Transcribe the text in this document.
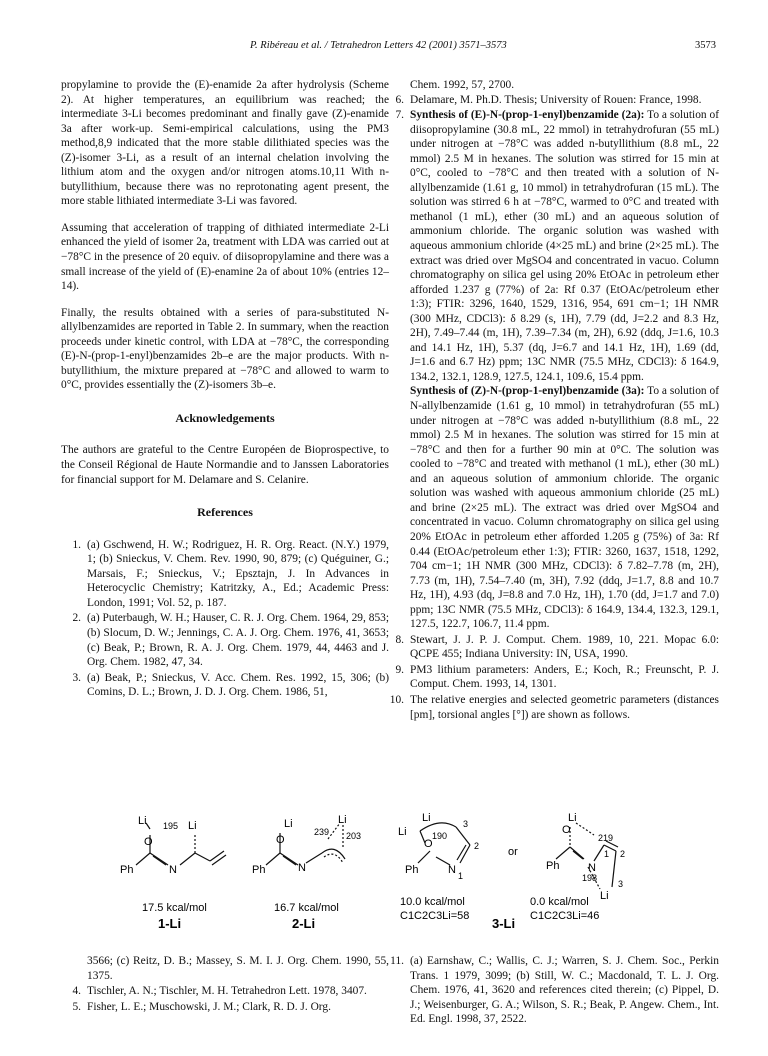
P. Ribéreau et al. / Tetrahedron Letters 42 (2001) 3571–3573	3573

propylamine to provide the (E)-enamide 2a after hydrolysis (Scheme 2). At higher temperatures, an equilibrium was reached; the intermediate 3-Li becomes predominant and finally gave (Z)-enamide 3a after work-up. Semi-empirical calculations, using the PM3 method,8,9 indicated that the more stable dilithiated species was the (Z)-isomer 3-Li, as a result of an internal chelation involving the lithium atom and the oxygen and/or nitrogen atoms.10,11 With n-butyllithium, because there was no reprotonating agent present, the more stable lithiated intermediate 3-Li was favored.

Assuming that acceleration of trapping of dithiated intermediate 2-Li enhanced the yield of isomer 2a, treatment with LDA was carried out at −78°C in the presence of 20 equiv. of diisopropylamine and there was a small increase of the yield of (E)-enamine 2a of about 10% (entries 12–14).

Finally, the results obtained with a series of para-substituted N-allylbenzamides are reported in Table 2. In summary, when the reaction proceeds under kinetic control, with LDA at −78°C, the corresponding (E)-N-(prop-1-enyl)benzamides 2b–e are the major products. With n-butyllithium, the mixture prepared at −78°C and allowed to warm to 0°C, provides essentially the (Z)-isomers 3b–e.

Acknowledgements

The authors are grateful to the Centre Européen de Bioprospective, to the Conseil Régional de Haute Normandie and to Janssen Laboratories for financial support for M. Delamare and S. Celanire.

References
1. (a) Gschwend, H. W.; Rodriguez, H. R. Org. React. (N.Y.) 1979, 1; (b) Snieckus, V. Chem. Rev. 1990, 90, 879; (c) Quéguiner, G.; Marsais, F.; Snieckus, V.; Epsztajn, J. In Advances in Heterocyclic Chemistry; Katritzky, A., Ed.; Academic Press: London, 1991; Vol. 52, p. 187.
2. (a) Puterbaugh, W. H.; Hauser, C. R. J. Org. Chem. 1964, 29, 853; (b) Slocum, D. W.; Jennings, C. A. J. Org. Chem. 1976, 41, 3653; (c) Beak, P.; Brown, R. A. J. Org. Chem. 1979, 44, 4463 and J. Org. Chem. 1982, 47, 34.
3. (a) Beak, P.; Snieckus, V. Acc. Chem. Res. 1992, 15, 306; (b) Comins, D. L.; Brown, J. D. J. Org. Chem. 1986, 51,
Chem. 1992, 57, 2700.
6. Delamare, M. Ph.D. Thesis; University of Rouen: France, 1998.
7. Synthesis of (E)-N-(prop-1-enyl)benzamide (2a): To a solution of diisopropylamine (30.8 mL, 22 mmol) in tetrahydrofuran (55 mL) under nitrogen at −78°C was added n-butyllithium (8.8 mL, 22 mmol) 2.5 M in hexanes. The solution was stirred for 15 min at 0°C, cooled to −78°C and then treated with a solution of N-allylbenzamide (1.61 g, 10 mmol) in tetrahydrofuran (15 mL). The solution was stirred 6 h at −78°C, warmed to 0°C and treated with methanol (1 mL), ether (30 mL) and an aqueous solution of ammonium chloride. The organic solution was washed with aqueous ammonium chloride (4×25 mL) and brine (2×25 mL). The extract was dried over MgSO4 and concentrated in vacuo. Column chromatography on silica gel using 20% EtOAc in petroleum ether afforded 1.237 g (77%) of 2a: Rf 0.37 (EtOAc/petroleum ether 1:3); FTIR: 3296, 1640, 1529, 1316, 954, 691 cm−1; 1H NMR (300 MHz, CDCl3): δ 8.29 (s, 1H), 7.79 (dd, J=2.2 and 8.3 Hz, 2H), 7.49–7.44 (m, 1H), 7.39–7.34 (m, 2H), 6.92 (ddq, J=1.6, 10.3 and 14.1 Hz, 1H), 5.37 (dq, J=6.7 and 14.1 Hz, 1H), 1.69 (dd, J=1.6 and 6.7 Hz) ppm; 13C NMR (75.5 MHz, CDCl3): δ 164.9, 134.2, 132.1, 128.9, 127.5, 124.1, 109.6, 15.4 ppm.
Synthesis of (Z)-N-(prop-1-enyl)benzamide (3a): To a solution of N-allylbenzamide (1.61 g, 10 mmol) in tetrahydrofuran (55 mL) under nitrogen at −78°C was added n-butyllithium (8.8 mL, 22 mmol) 2.5 M in hexanes. The solution was stirred for 15 min at −78°C and then for a further 90 min at 0°C. The solution was cooled to −78°C and treated with methanol (1 mL), ether (30 mL) and an aqueous solution of ammonium chloride. The organic solution was washed with aqueous ammonium chloride (25 mL) and brine (2×25 mL). The extract was dried over MgSO4 and concentrated in vacuo. Column chromatography on silica gel using 20% EtOAc in petroleum ether afforded 1.205 g (75%) of 3a: Rf 0.44 (EtOAc/petroleum ether 1:3); FTIR: 3260, 1637, 1518, 1292, 704 cm−1; 1H NMR (300 MHz, CDCl3): δ 7.82–7.78 (m, 2H), 7.73 (m, 1H), 7.54–7.40 (m, 3H), 7.92 (ddq, J=1.7, 8.8 and 10.7 Hz, 1H), 4.93 (dq, J=8.8 and 7.0 Hz, 1H), 1.70 (dd, J=1.7 and 7.0) ppm; 13C NMR (75.5 MHz, CDCl3): δ 164.9, 134.4, 132.3, 129.1, 127.5, 122.7, 106.7, 11.4 ppm.
8. Stewart, J. J. P. J. Comput. Chem. 1989, 10, 221. Mopac 6.0: QCPE 455; Indiana University: IN, USA, 1990.
9. PM3 lithium parameters: Anders, E.; Koch, R.; Freunscht, P. J. Comput. Chem. 1993, 14, 1301.
10. The relative energies and selected geometric parameters (distances [pm], torsional angles [°]) are shown as follows.
Li
O
Li
195
Ph	N
17.5 kcal/mol
1-Li
O
Li	Li
239 203
Ph	N
16.7 kcal/mol
2-Li
Li
Li
O
190
3
2
1
Ph	N
10.0 kcal/mol
C1C2C3Li=58
or
O
Li
219
1 2
3
Ph	N
198
Li
0.0 kcal/mol
C1C2C3Li=46
3-Li
3566; (c) Reitz, D. B.; Massey, S. M. I. J. Org. Chem. 1990, 55, 1375.
4. Tischler, A. N.; Tischler, M. H. Tetrahedron Lett. 1978, 3407.
5. Fisher, L. E.; Muschowski, J. M.; Clark, R. D. J. Org.
11. (a) Earnshaw, C.; Wallis, C. J.; Warren, S. J. Chem. Soc., Perkin Trans. 1 1979, 3099; (b) Still, W. C.; Macdonald, T. L. J. Org. Chem. 1976, 41, 3620 and references cited therein; (c) Pippel, D. J.; Weisenburger, G. A.; Wilson, S. R.; Beak, P. Angew. Chem., Int. Ed. Engl. 1998, 37, 2522.
